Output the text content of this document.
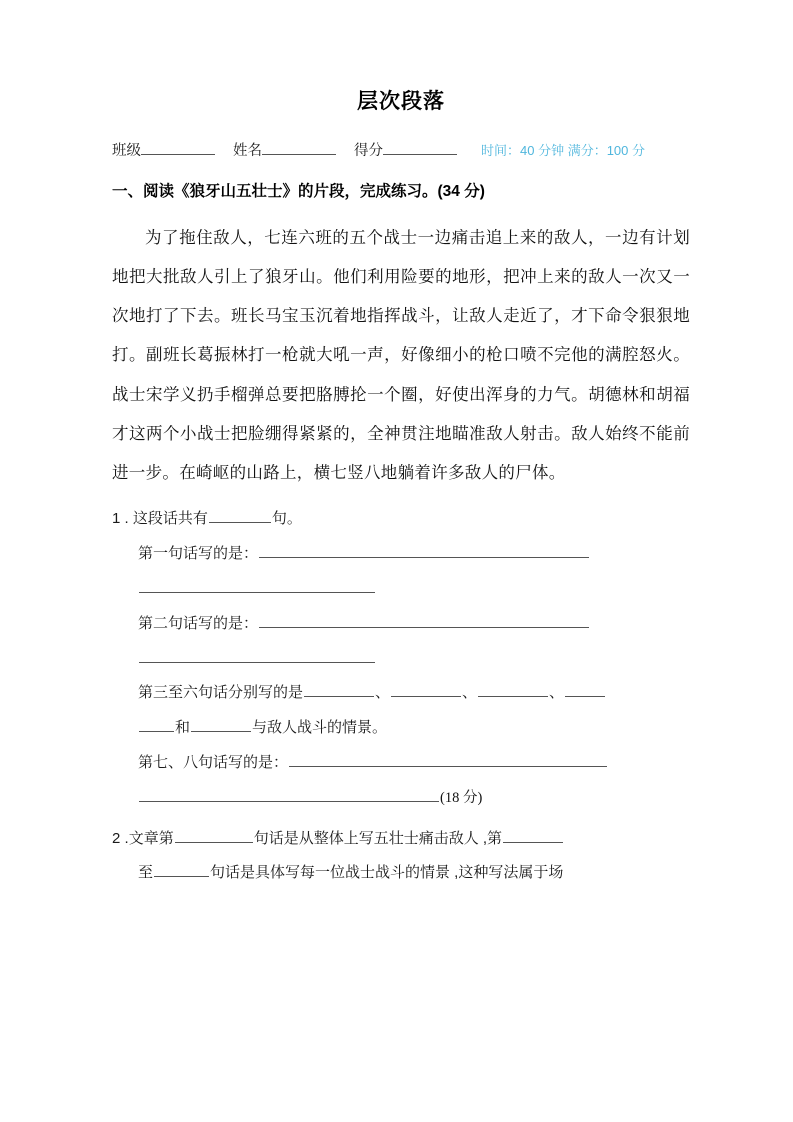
层次段落
班级	姓名	得分	时间：40 分钟 满分：100 分
一、阅读《狼牙山五壮士》的片段，完成练习。(34 分)

为了拖住敌人，七连六班的五个战士一边痛击追上来的敌人，一边有计划地把大批敌人引上了狼牙山。他们利用险要的地形，把冲上来的敌人一次又一次地打了下去。班长马宝玉沉着地指挥战斗，让敌人走近了，才下命令狠狠地打。副班长葛振林打一枪就大吼一声，好像细小的枪口喷不完他的满腔怒火。战士宋学义扔手榴弹总要把胳膊抡一个圈，好使出浑身的力气。胡德林和胡福才这两个小战士把脸绷得紧紧的，全神贯注地瞄准敌人射击。敌人始终不能前进一步。在崎岖的山路上，横七竖八地躺着许多敌人的尸体。

1 . 这段话共有	句。
第一句话写的是：
第二句话写的是：
第三至六句话分别写的是	、	、	、
和	与敌人战斗的情景。
第七、八句话写的是：
(18 分)
2 .文章第	句话是从整体上写五壮士痛击敌人 ,第
至	句话是具体写每一位战士战斗的情景 ,这种写法属于场
